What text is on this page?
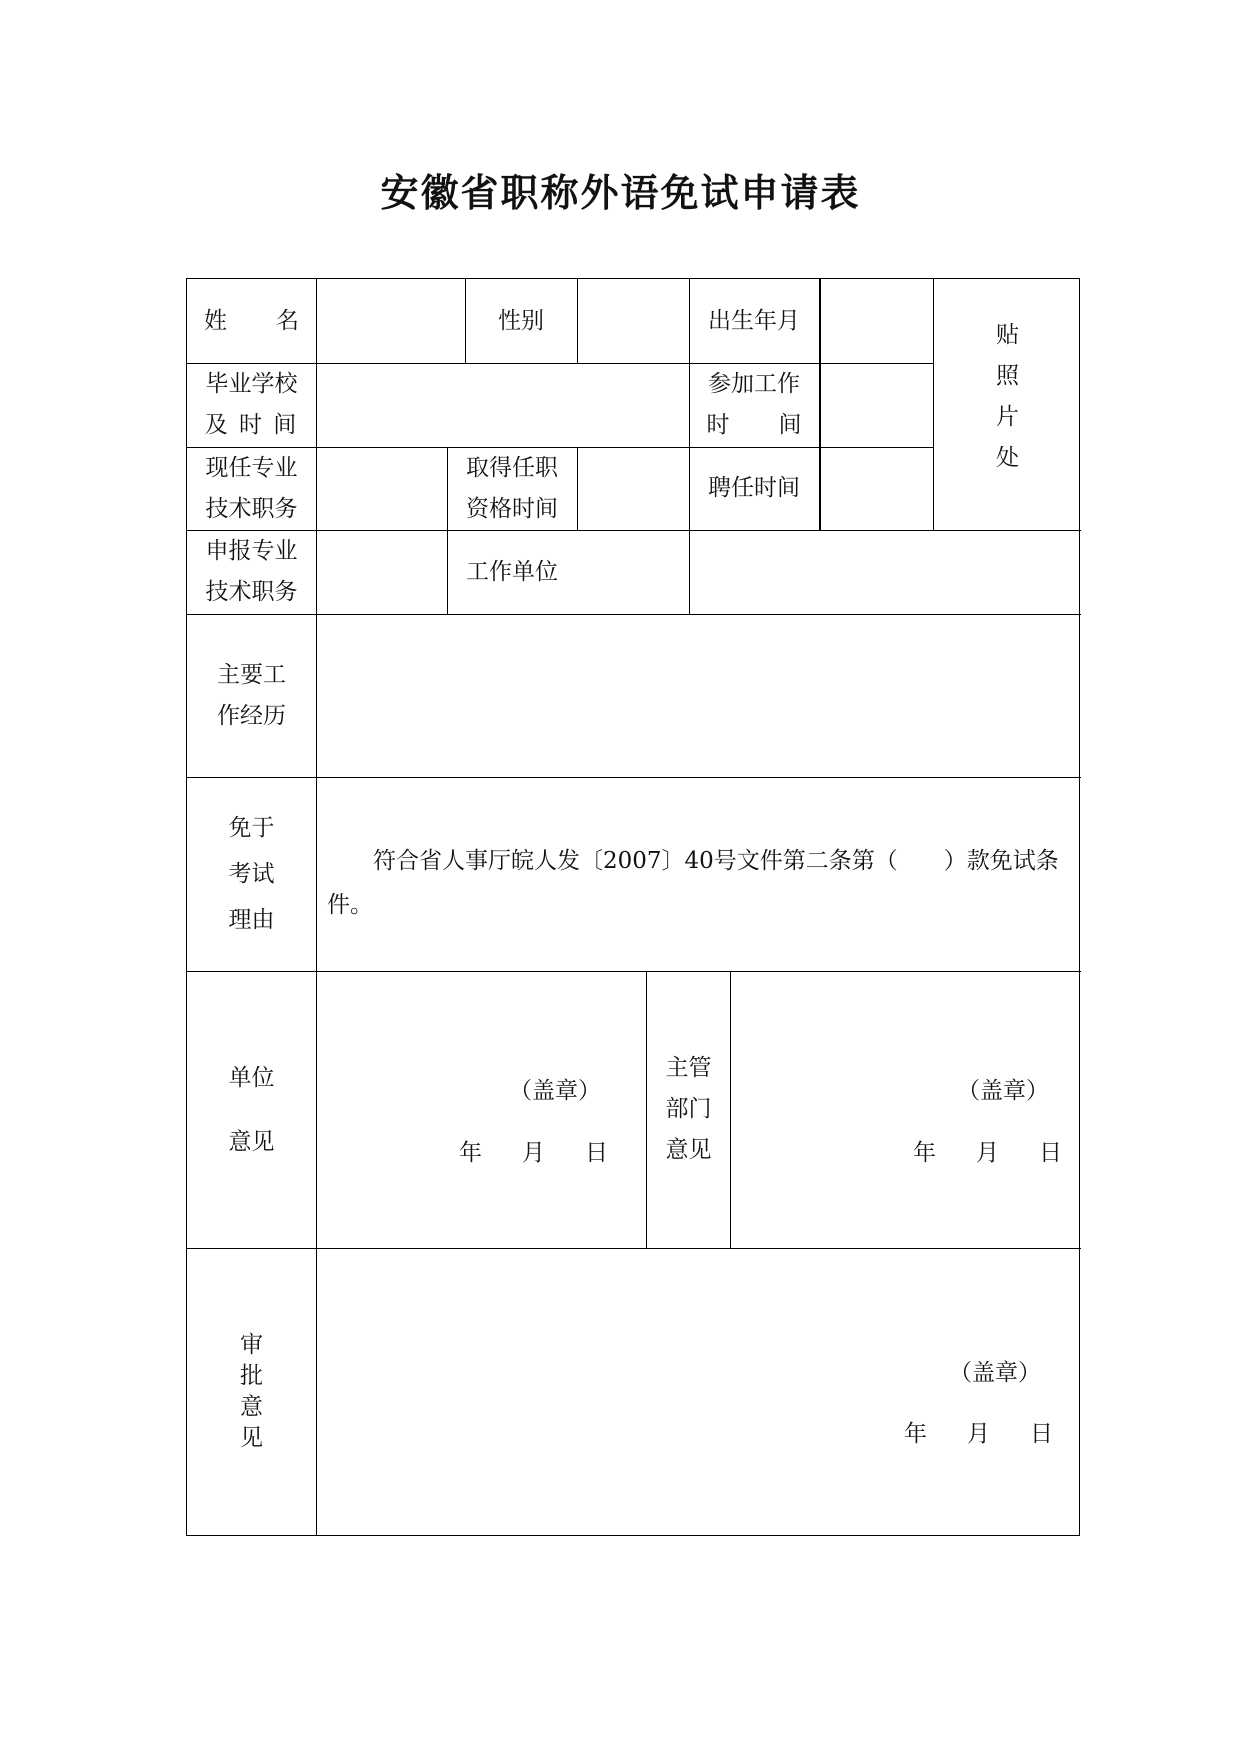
安徽省职称外语免试申请表
姓 名	性别	出生年月
贴
照
片
处
毕业学校
及 时 间
参加工作
时 间
现任专业
技术职务
取得任职
资格时间
聘任时间
申报专业
技术职务
工作单位
主要工
作经历
免于
考试
理由
符合省人事厅皖人发〔2007〕40号文件第二条第（　　）款免试条件。
单位
意见
（盖章）
年 月 日
主管
部门
意见
（盖章）
年 月 日
审
批
意
见
（盖章）
年 月 日
